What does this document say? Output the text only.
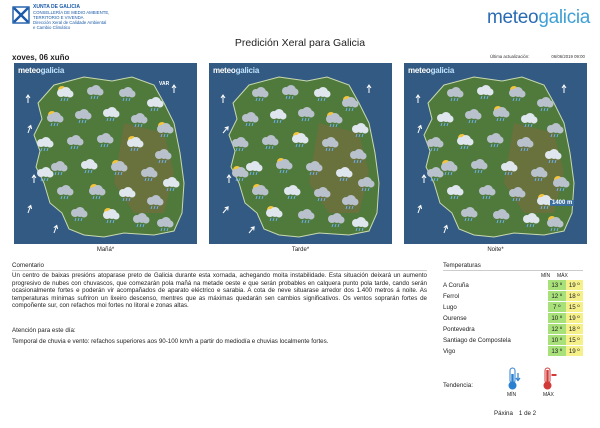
XUNTA DE GALICIA
CONSELLERÍA DE MEDIO AMBIENTE,
TERRITORIO E VIVENDA
Dirección Xeral de Calidade Ambiental
e Cambio Climático	meteogalicia
Predición Xeral para Galicia
xoves, 06 xuño	Última actualización:	06/06/2019 09:00
meteogalicia
VAR
meteogalicia	meteogalicia
1400 m
Mañá*	Tarde*	Noite*
Comentario
Un centro de baixas presións atoparase preto de Galicia durante esta xornada, achegando moita instabilidade. Esta situación deixará un aumento progresivo de nubes con chuvascos, que comezarán pola mañá na metade oeste e que serán probables en calquera punto pola tarde, cando serán ocasionalmente fortes e poderán vir acompañados de aparato eléctrico e sarabia. A cota de neve situarase arredor dos 1.400 metros á noite. As temperaturas mínimas sufriron un lixeiro descenso, mentres que as máximas quedarán sen cambios significativos. Os ventos soprarán fortes de compoñente sur, con refachos moi fortes no litoral e zonas altas.
Atención para este día:
Temporal de chuvia e vento: refachos superiores aos 90-100 km/h a partir do mediodía e chuvias localmente fortes.
Temperaturas
MÍN MÁX
A Coruña	13 º	19 º
Ferrol	12 º	18 º
Lugo	7 º	15 º
Ourense	10 º	19 º
Pontevedra	12 º	18 º
Santiago de Compostela	10 º	15 º
Vigo	13 º	19 º
Tendencia:
MÍN	MÁX
Páxina 1 de 2
